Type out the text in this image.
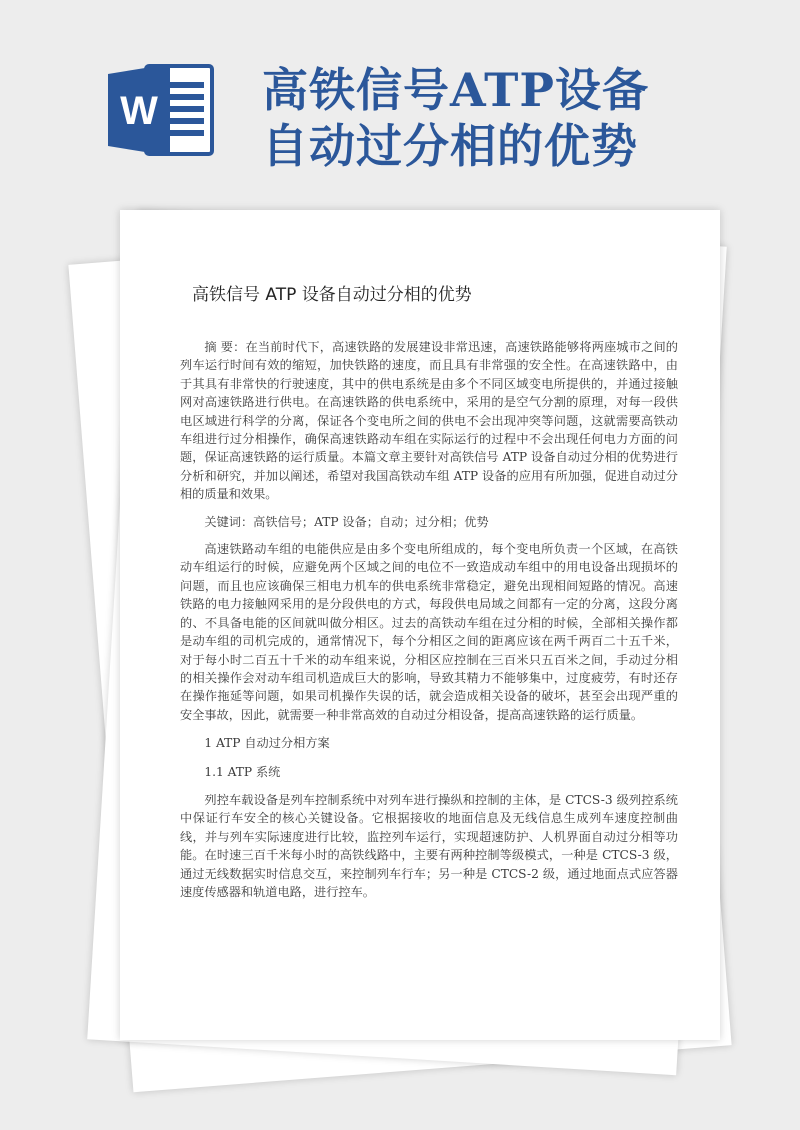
W 高铁信号ATP设备自动过分相的优势
高铁信号 ATP 设备自动过分相的优势

摘 要：在当前时代下，高速铁路的发展建设非常迅速，高速铁路能够将两座城市之间的列车运行时间有效的缩短，加快铁路的速度，而且具有非常强的安全性。在高速铁路中，由于其具有非常快的行驶速度，其中的供电系统是由多个不同区域变电所提供的，并通过接触网对高速铁路进行供电。在高速铁路的供电系统中，采用的是空气分割的原理，对每一段供电区域进行科学的分离，保证各个变电所之间的供电不会出现冲突等问题，这就需要高铁动车组进行过分相操作，确保高速铁路动车组在实际运行的过程中不会出现任何电力方面的问题，保证高速铁路的运行质量。本篇文章主要针对高铁信号 ATP 设备自动过分相的优势进行分析和研究，并加以阐述，希望对我国高铁动车组 ATP 设备的应用有所加强，促进自动过分相的质量和效果。

关键词：高铁信号；ATP 设备；自动；过分相；优势

高速铁路动车组的电能供应是由多个变电所组成的，每个变电所负责一个区域，在高铁动车组运行的时候，应避免两个区域之间的电位不一致造成动车组中的用电设备出现损坏的问题，而且也应该确保三相电力机车的供电系统非常稳定，避免出现相间短路的情况。高速铁路的电力接触网采用的是分段供电的方式，每段供电局域之间都有一定的分离，这段分离的、不具备电能的区间就叫做分相区。过去的高铁动车组在过分相的时候，全部相关操作都是动车组的司机完成的，通常情况下，每个分相区之间的距离应该在两千两百二十五千米，对于每小时二百五十千米的动车组来说，分相区应控制在三百米只五百米之间，手动过分相的相关操作会对动车组司机造成巨大的影响，导致其精力不能够集中，过度疲劳，有时还存在操作拖延等问题，如果司机操作失误的话，就会造成相关设备的破坏，甚至会出现严重的安全事故，因此，就需要一种非常高效的自动过分相设备，提高高速铁路的运行质量。

1 ATP 自动过分相方案

1.1 ATP 系统

列控车载设备是列车控制系统中对列车进行操纵和控制的主体，是 CTCS-3 级列控系统中保证行车安全的核心关键设备。它根据接收的地面信息及无线信息生成列车速度控制曲线，并与列车实际速度进行比较，监控列车运行，实现超速防护、人机界面自动过分相等功能。在时速三百千米每小时的高铁线路中，主要有两种控制等级模式，一种是 CTCS-3 级，通过无线数据实时信息交互，来控制列车行车；另一种是 CTCS-2 级，通过地面点式应答器速度传感器和轨道电路，进行控车。
